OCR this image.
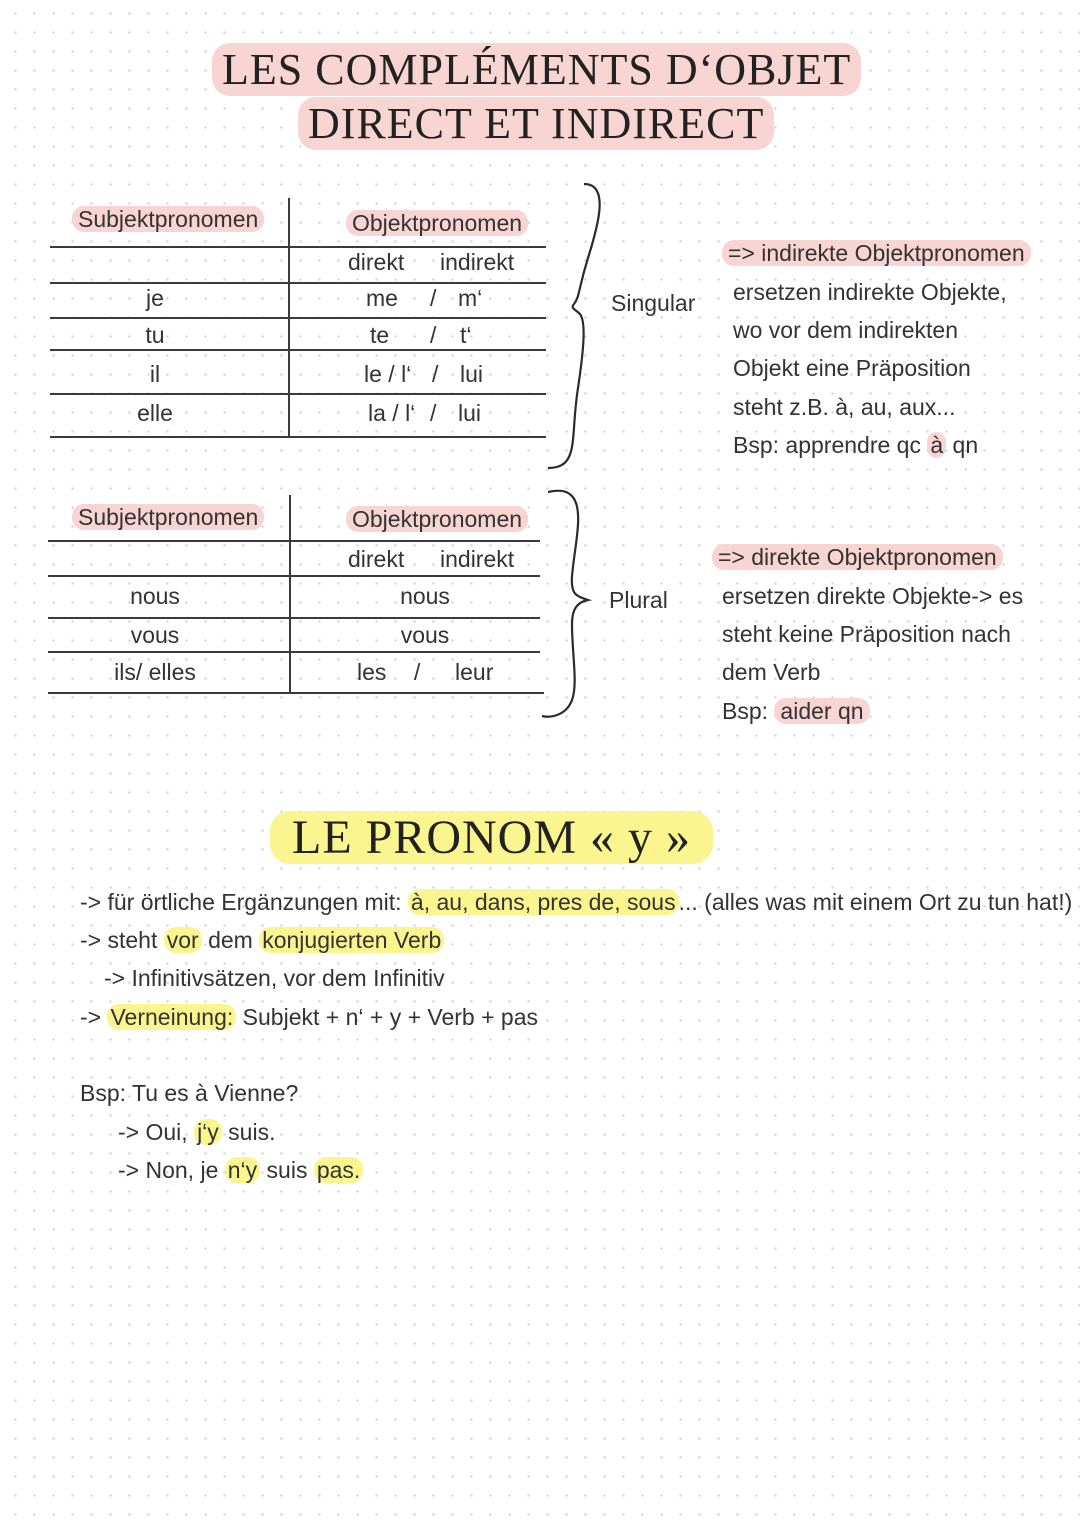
LES COMPLÉMENTS D‘OBJET
DIRECT ET INDIRECT
Subjektpronomen	Objektpronomen
direkt indirekt
je	me / m‘
tu	te / t‘
il	le / l‘ / lui
elle	la / l‘ / lui
Singular
=> indirekte Objektpronomen
ersetzen indirekte Objekte,
wo vor dem indirekten
Objekt eine Präposition
steht z.B. à, au, aux...
Bsp: apprendre qc à qn
Subjektpronomen	Objektpronomen
direkt indirekt
nous	nous
vous	vous
ils/ elles	les / leur
Plural
=> direkte Objektpronomen
ersetzen direkte Objekte-> es
steht keine Präposition nach
dem Verb
Bsp: aider qn
LE PRONOM « y »
-> für örtliche Ergänzungen mit: à, au, dans, pres de, sous ... (alles was mit einem Ort zu tun hat!)
-> steht vor dem konjugierten Verb
-> Infinitivsätzen, vor dem Infinitiv
-> Verneinung: Subjekt + n‘ + y + Verb + pas
Bsp: Tu es à Vienne?
-> Oui, j‘y suis.
-> Non, je n‘y suis pas.
